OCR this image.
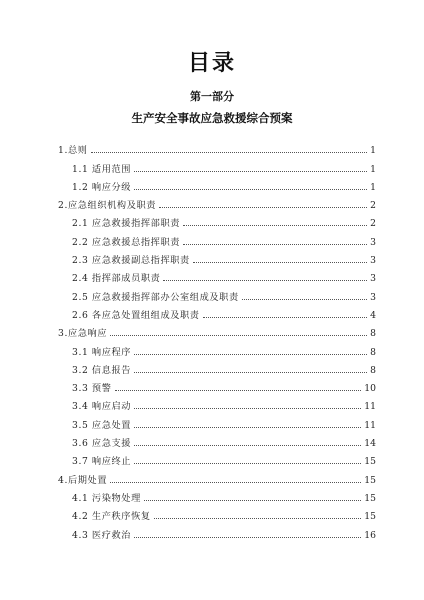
目录
第一部分
生产安全事故应急救援综合预案
1.总则	1
1.1 适用范围	1
1.2 响应分级	1
2.应急组织机构及职责	2
2.1 应急救援指挥部职责	2
2.2 应急救援总指挥职责	3
2.3 应急救援副总指挥职责	3
2.4 指挥部成员职责	3
2.5 应急救援指挥部办公室组成及职责	3
2.6 各应急处置组组成及职责	4
3.应急响应	8
3.1 响应程序	8
3.2 信息报告	8
3.3 预警	10
3.4 响应启动	11
3.5 应急处置	11
3.6 应急支援	14
3.7 响应终止	15
4.后期处置	15
4.1 污染物处理	15
4.2 生产秩序恢复	15
4.3 医疗救治	16
